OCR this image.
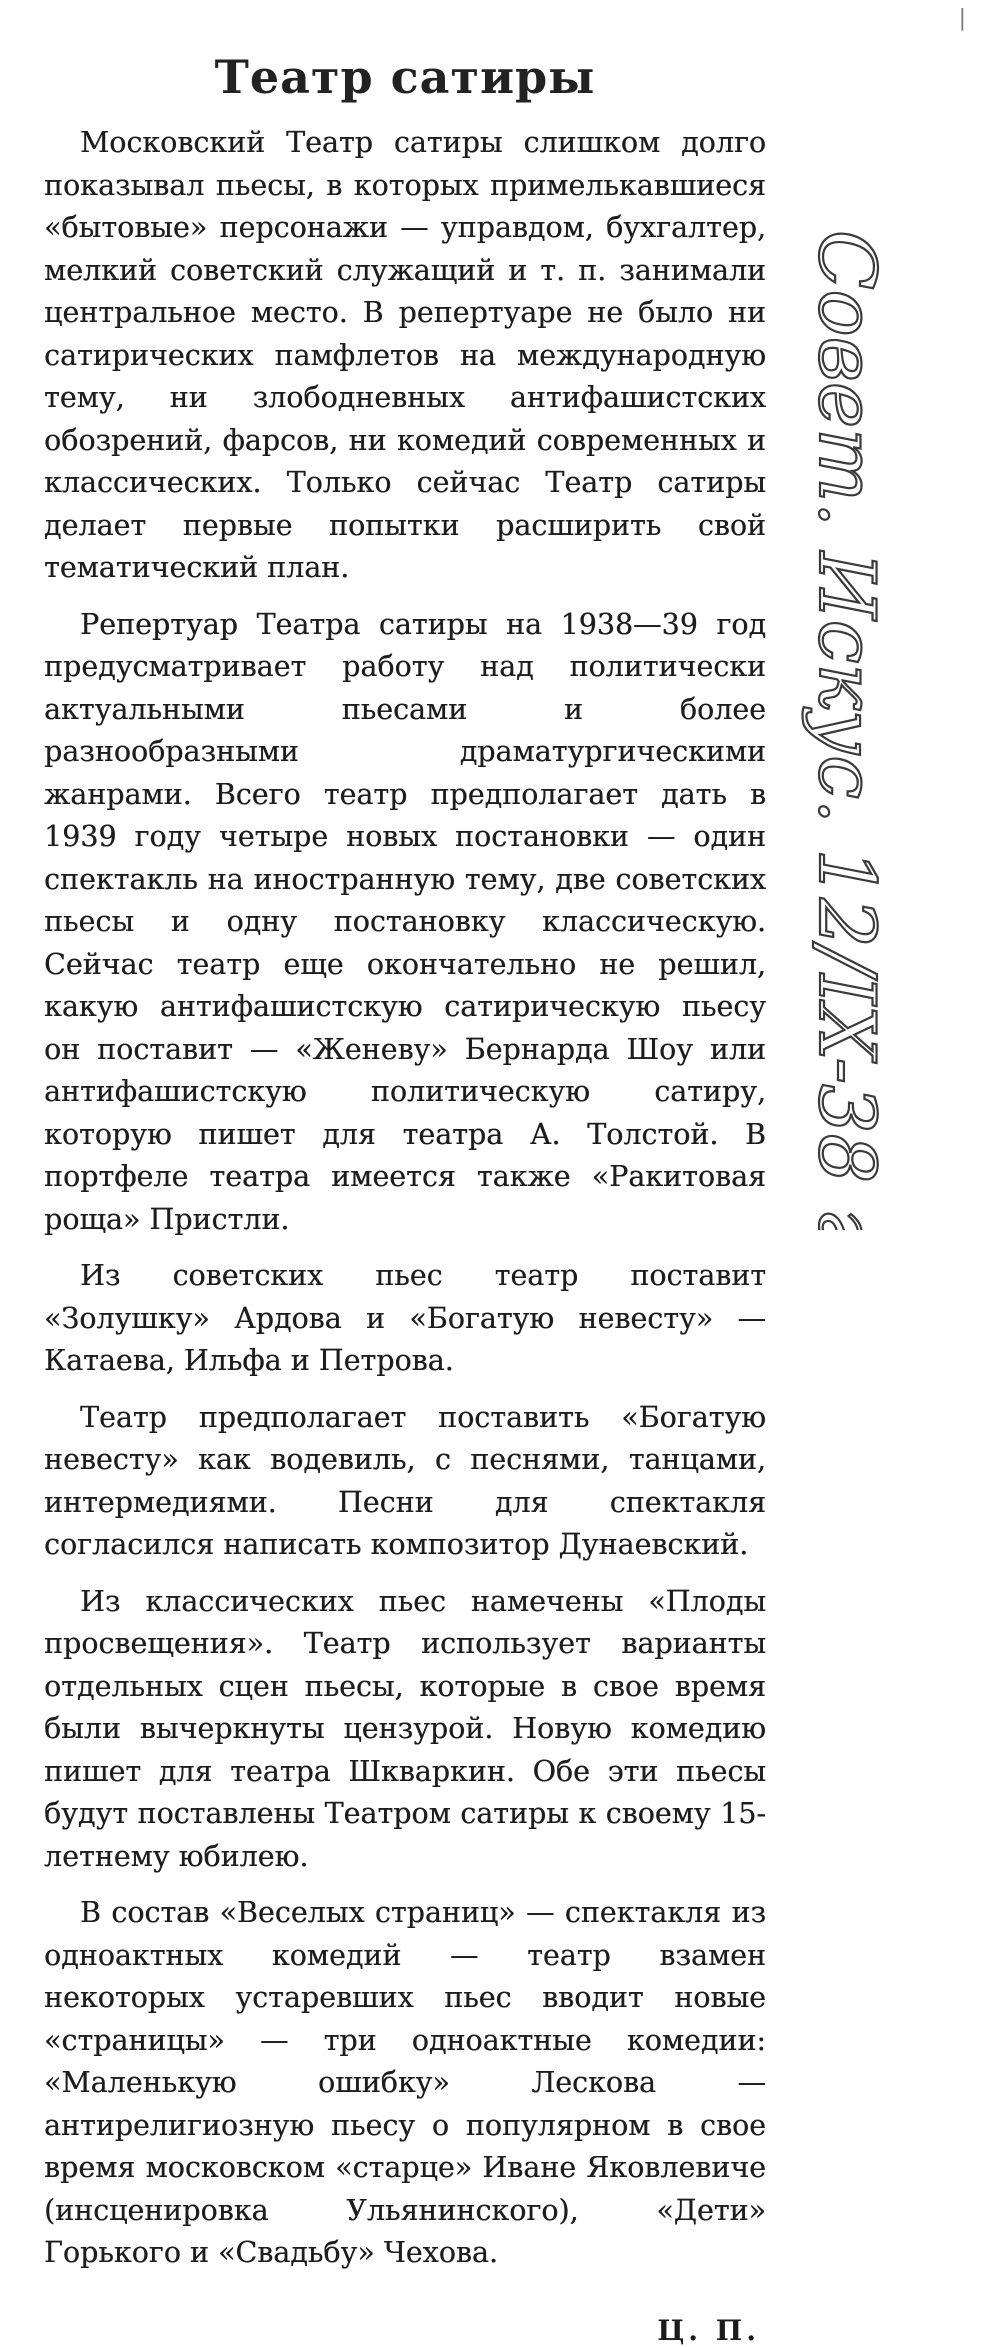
|
Театр сатиры

Московский Театр сатиры слишком долго показывал пьесы, в которых примелькавшиеся «бытовые» персонажи — управдом, бухгалтер, мелкий советский служащий и т. п. занимали центральное место. В репертуаре не было ни сатирических памфлетов на международную тему, ни злободневных антифашистских обозрений, фарсов, ни комедий современных и классических. Только сейчас Театр сатиры делает первые попытки расширить свой тематический план.

Репертуар Театра сатиры на 1938—39 год предусматривает работу над политически актуальными пьесами и более разнообразными драматургическими жанрами. Всего театр предполагает дать в 1939 году четыре новых постановки — один спектакль на иностранную тему, две советских пьесы и одну постановку классическую. Сейчас театр еще окончательно не решил, какую антифашистскую сатирическую пьесу он поставит — «Женеву» Бернарда Шоу или антифашистскую политическую сатиру, которую пишет для театра А. Толстой. В портфеле театра имеется также «Ракитовая роща» Пристли.

Из советских пьес театр поставит «Золушку» Ардова и «Богатую невесту» — Катаева, Ильфа и Петрова.

Театр предполагает поставить «Богатую невесту» как водевиль, с песнями, танцами, интермедиями. Песни для спектакля согласился написать композитор Дунаевский.

Из классических пьес намечены «Плоды просвещения». Театр использует варианты отдельных сцен пьесы, которые в свое время были вычеркнуты цензурой. Новую комедию пишет для театра Шкваркин. Обе эти пьесы будут поставлены Театром сатиры к своему 15-летнему юбилею.

В состав «Веселых страниц» — спектакля из одноактных комедий — театр взамен некоторых устаревших пьес вводит новые «страницы» — три одноактные комедии: «Маленькую ошибку» Лескова — антирелигиозную пьесу о популярном в свое время московском «старце» Иване Яковлевиче (инсценировка Ульянинского), «Дети» Горького и «Свадьбу» Чехова.

Ц. П.
Совет. Искус. 12/IX-38 г.
